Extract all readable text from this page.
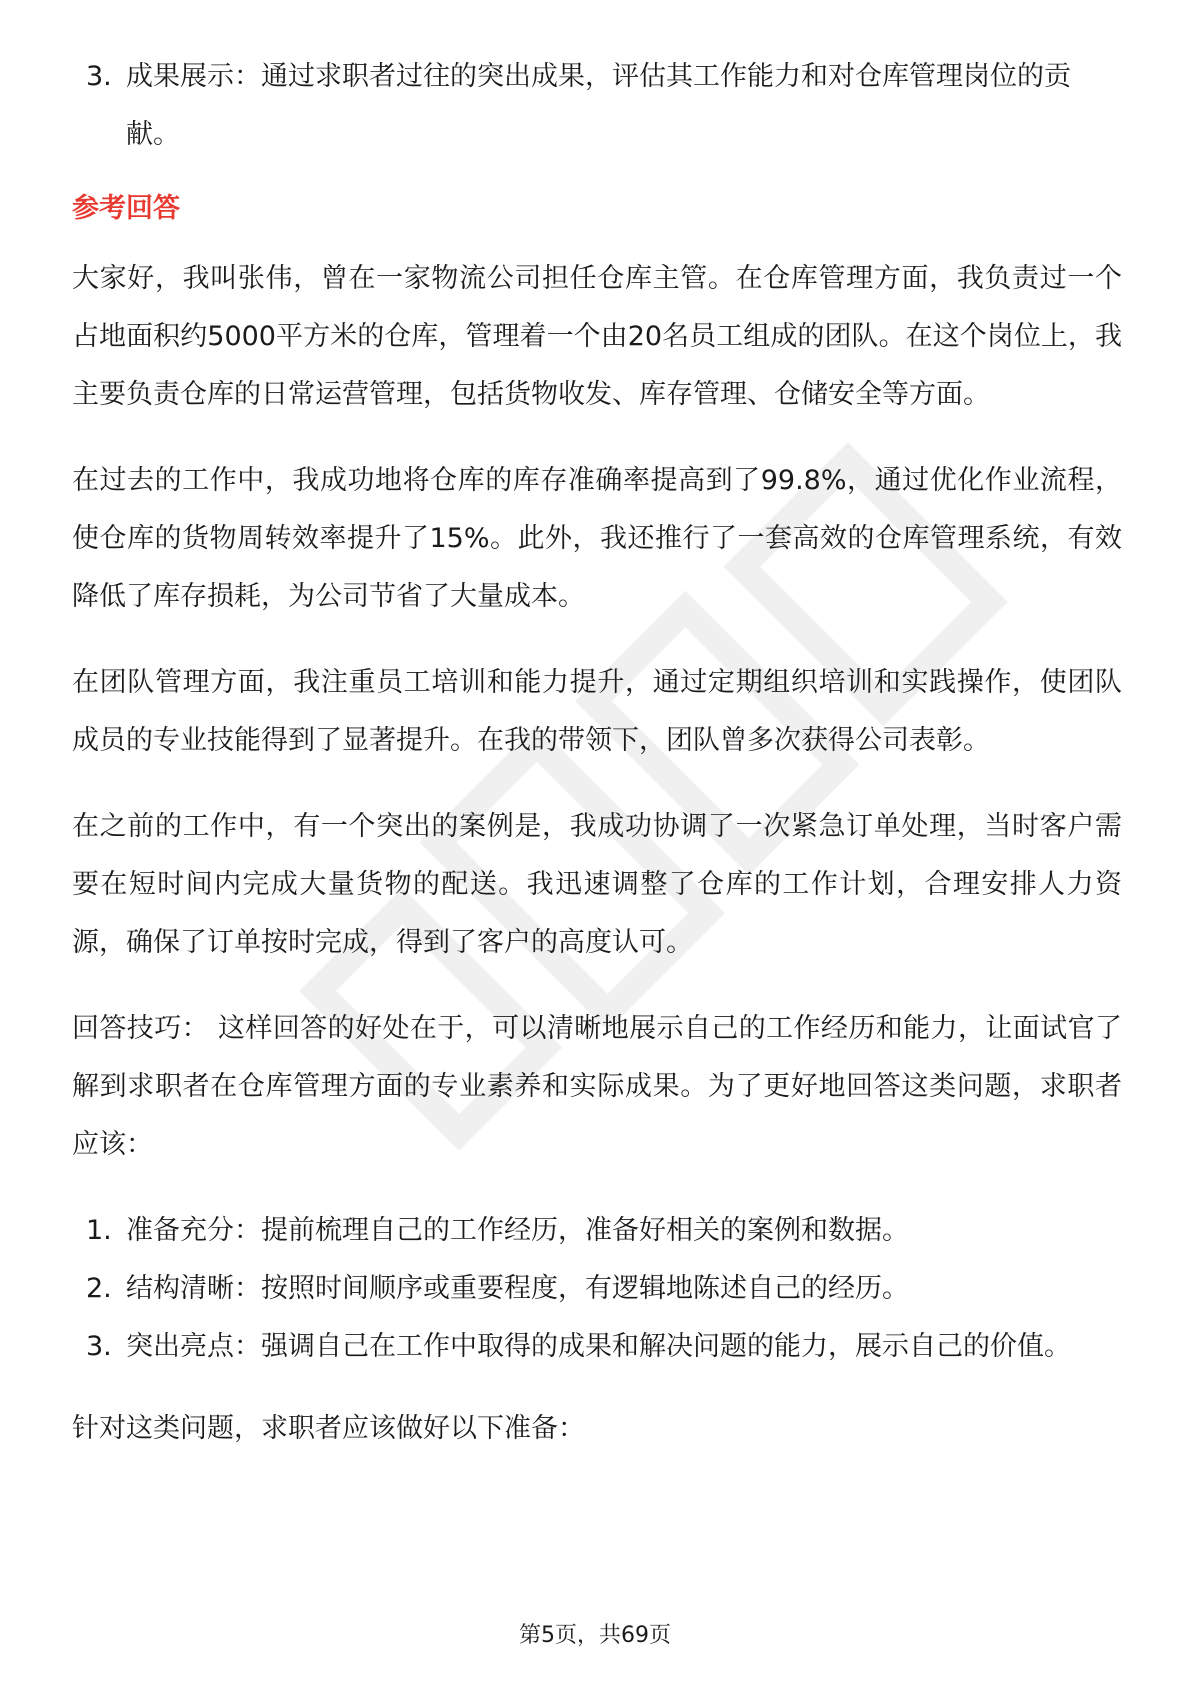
3. 成果展示：通过求职者过往的突出成果，评估其工作能力和对仓库管理岗位的贡献。
参考回答

大家好，我叫张伟，曾在一家物流公司担任仓库主管。在仓库管理方面，我负责过一个占地面积约5000平方米的仓库，管理着一个由20名员工组成的团队。在这个岗位上，我主要负责仓库的日常运营管理，包括货物收发、库存管理、仓储安全等方面。

在过去的工作中，我成功地将仓库的库存准确率提高到了99.8%，通过优化作业流程，使仓库的货物周转效率提升了15%。此外，我还推行了一套高效的仓库管理系统，有效降低了库存损耗，为公司节省了大量成本。

在团队管理方面，我注重员工培训和能力提升，通过定期组织培训和实践操作，使团队成员的专业技能得到了显著提升。在我的带领下，团队曾多次获得公司表彰。

在之前的工作中，有一个突出的案例是，我成功协调了一次紧急订单处理，当时客户需要在短时间内完成大量货物的配送。我迅速调整了仓库的工作计划，合理安排人力资源，确保了订单按时完成，得到了客户的高度认可。

回答技巧： 这样回答的好处在于，可以清晰地展示自己的工作经历和能力，让面试官了解到求职者在仓库管理方面的专业素养和实际成果。为了更好地回答这类问题，求职者应该：

1. 准备充分：提前梳理自己的工作经历，准备好相关的案例和数据。
2. 结构清晰：按照时间顺序或重要程度，有逻辑地陈述自己的经历。
3. 突出亮点：强调自己在工作中取得的成果和解决问题的能力，展示自己的价值。

针对这类问题，求职者应该做好以下准备：

第5页，共69页
